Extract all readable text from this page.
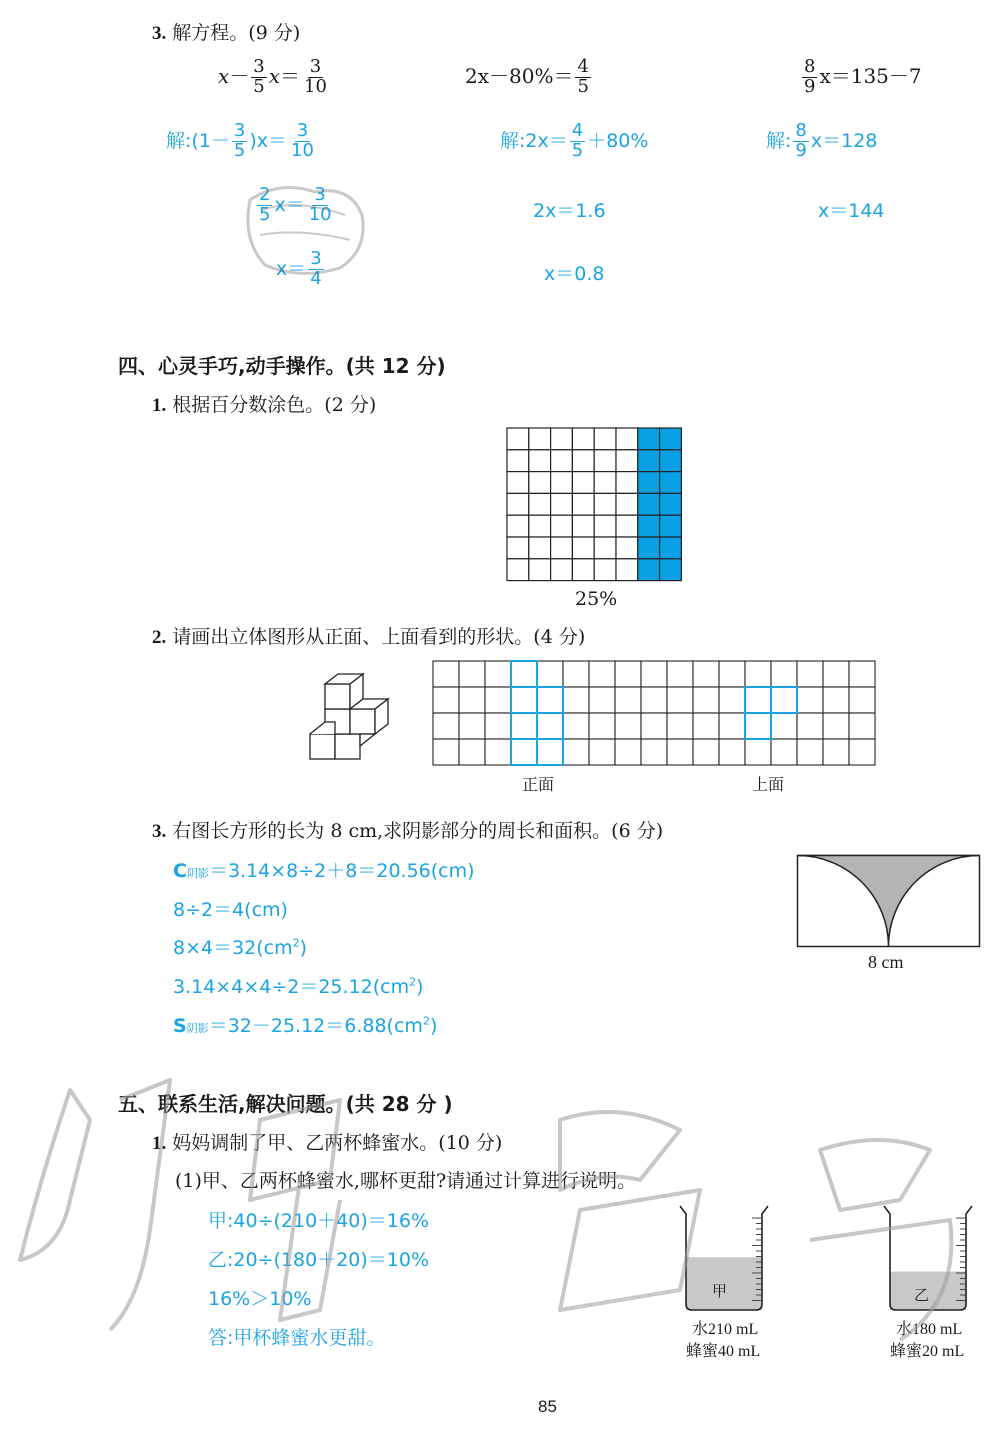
3. 解方程。(9 分)
$x- \frac{3}{5} x= \frac{3}{10}$	$2x-80\%= \frac{4}{5}$	$\frac{8}{9} x=135-7$
解:(1－ $\frac{3}{5} )x= \frac{3}{10}$
$\frac{2}{5} x= \frac{3}{10}$
$x= \frac{3}{4}$
解:2x＝ $\frac{4}{5} +80\%$
2x＝1.6
x＝0.8
解: $\frac{8}{9} x=128$
x＝144
四、心灵手巧,动手操作。(共 12 分)
1. 根据百分数涂色。(2 分)
25%
2. 请画出立体图形从正面、上面看到的形状。(4 分)
正面	上面
3. 右图长方形的长为 8 cm,求阴影部分的周长和面积。(6 分)
C阴影＝3.14×8÷2＋8＝20.56(cm)
8÷2＝4(cm)
$8\times 4=32(cm^2)$
$3.14\times 4\times 4\div 2=25.12(cm^2)$
S阴影$=32-25.12=6.88(cm^2)$
8 cm
五、联系生活,解决问题。(共 28 分 )
1. 妈妈调制了甲、乙两杯蜂蜜水。(10 分)
(1)甲、乙两杯蜂蜜水,哪杯更甜?请通过计算进行说明。
甲:40÷(210＋40)＝16%
乙:20÷(180＋20)＝10%
16%＞10%
答:甲杯蜂蜜水更甜。
甲
水210 mL
蜂蜜40 mL
乙
水180 mL
蜂蜜20 mL
85
